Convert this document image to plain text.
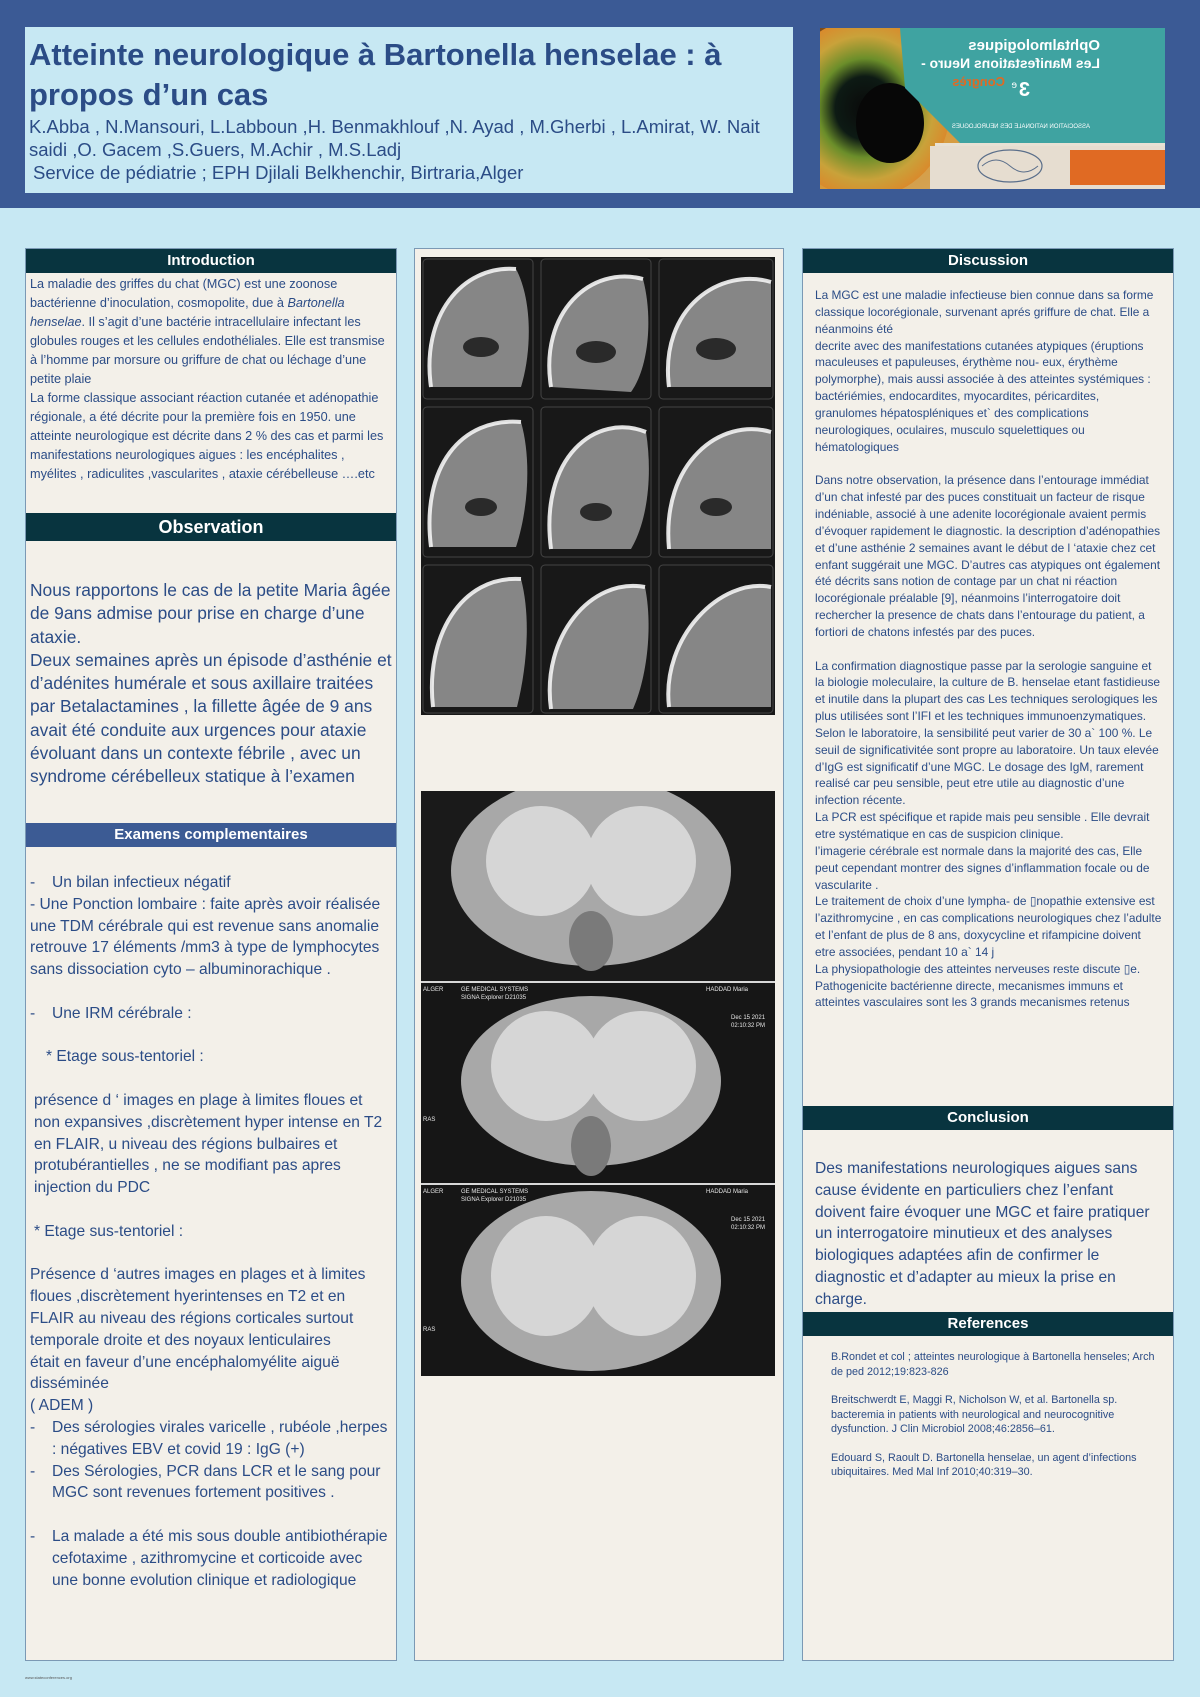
Atteinte neurologique à Bartonella henselae : à propos d’un cas

K.Abba , N.Mansouri, L.Labboun ,H. Benmakhlouf ,N. Ayad , M.Gherbi , L.Amirat, W. Nait saidi ,O. Gacem ,S.Guers, M.Achir , M.S.Ladj

Service de pédiatrie ; EPH Djilali Belkhenchir, Birtraria,Alger

Ophtalmologiques
Les Manifestations Neuro -
3
e
Congrès
ASSOCIATION NATIONALE DES NEUROLOGUES
Introduction

La maladie des griffes du chat (MGC) est une zoonose bactérienne d’inoculation, cosmopolite, due à Bartonella henselae. Il s’agit d’une bactérie intracellulaire infectant les globules rouges et les cellules endothéliales. Elle est transmise à l’homme par morsure ou griffure de chat ou léchage d’une petite plaie

La forme classique associant réaction cutanée et adénopathie régionale, a été décrite pour la première fois en 1950. une atteinte neurologique est décrite dans 2 % des cas et parmi les manifestations neurologiques aigues : les encéphalites , myélites , radiculites ,vascularites , ataxie cérébelleuse ….etc

Observation

Nous rapportons le cas de la petite Maria âgée de 9ans admise pour prise en charge d’une ataxie.

Deux semaines après un épisode d’asthénie et d’adénites humérale et sous axillaire traitées par Betalactamines , la fillette âgée de 9 ans avait été conduite aux urgences pour ataxie évoluant dans un contexte fébrile , avec un syndrome cérébelleux statique à l’examen

Examens complementaires
-	Un bilan infectieux négatif

- Une Ponction lombaire : faite après avoir réalisée une TDM cérébrale qui est revenue sans anomalie retrouve 17 éléments /mm3 à type de lymphocytes sans dissociation cyto – albuminorachique .

-	Une IRM cérébrale :

* Etage sous-tentoriel :

présence d ‘ images en plage à limites floues et non expansives ,discrètement hyper intense en T2 en FLAIR, u niveau des régions bulbaires et protubérantielles , ne se modifiant pas apres injection du PDC

* Etage sus-tentoriel :

Présence d ‘autres images en plages et à limites floues ,discrètement hyerintenses en T2 et en FLAIR au niveau des régions corticales surtout temporale droite et des noyaux lenticulaires

était en faveur d’une encéphalomyélite aiguë disséminée

( ADEM )

-	Des sérologies virales varicelle , rubéole ,herpes : négatives EBV et covid 19 : IgG (+)
-	Des Sérologies, PCR dans LCR et le sang pour MGC sont revenues fortement positives .

-	La malade a été mis sous double antibiothérapie cefotaxime , azithromycine et corticoide avec une bonne evolution clinique et radiologique
GE MEDICAL SYSTEMS
SIGNA Explorer D21035
ALGER	HADDAD Maria
Dec 15 2021
02:10:32 PM
RAS
GE MEDICAL SYSTEMS
SIGNA Explorer D21035
ALGER	HADDAD Maria
Dec 15 2021
02:10:32 PM
RAS
Discussion

La MGC est une maladie infectieuse bien connue dans sa forme classique locorégionale, survenant aprés griffure de chat. Elle a néanmoins été

decrite avec des manifestations cutanées atypiques (éruptions maculeuses et papuleuses, érythème nou- eux, érythème polymorphe), mais aussi associée à des atteintes systémiques : bactériémies, endocardites, myocardites, péricardites, granulomes hépatospléniques et` des complications neurologiques, oculaires, musculo squelettiques ou hématologiques

Dans notre observation, la présence dans l’entourage immédiat d’un chat infesté par des puces constituait un facteur de risque indéniable, associé à une adenite locorégionale avaient permis d’évoquer rapidement le diagnostic. la description d’adénopathies et d’une asthénie 2 semaines avant le début de l ‘ataxie chez cet enfant suggérait une MGC. D’autres cas atypiques ont également été décrits sans notion de contage par un chat ni réaction locorégionale préalable [9], néanmoins l’interrogatoire doit rechercher la presence de chats dans l’entourage du patient, a fortiori de chatons infestés par des puces.

La confirmation diagnostique passe par la serologie sanguine et la biologie moleculaire, la culture de B. henselae etant fastidieuse et inutile dans la plupart des cas Les techniques serologiques les plus utilisées sont l’IFI et les techniques immunoenzymatiques. Selon le laboratoire, la sensibilité peut varier de 30 a` 100 %. Le seuil de significativitée sont propre au laboratoire. Un taux elevée d’IgG est significatif d’une MGC. Le dosage des IgM, rarement realisé car peu sensible, peut etre utile au diagnostic d’une infection récente.

La PCR est spécifique et rapide mais peu sensible . Elle devrait etre systématique en cas de suspicion clinique.

l’imagerie cérébrale est normale dans la majorité des cas, Elle peut cependant montrer des signes d’inflammation focale ou de vascularite .

Le traitement de choix d’une lympha- de ▯nopathie extensive est l’azithromycine , en cas complications neurologiques chez l’adulte et l’enfant de plus de 8 ans, doxycycline et rifampicine doivent etre associées, pendant 10 a` 14 j

La physiopathologie des atteintes nerveuses reste discute ▯e. Pathogenicite bactérienne directe, mecanismes immuns et atteintes vasculaires sont les 3 grands mecanismes retenus

Conclusion
Des manifestations neurologiques aigues sans cause évidente en particuliers chez l’enfant doivent faire évoquer une MGC et faire pratiquer un interrogatoire minutieux et des analyses biologiques adaptées afin de confirmer le diagnostic et d’adapter au mieux la prise en charge.
References

B.Rondet et col ; atteintes neurologique à Bartonella henseles; Arch de ped 2012;19:823-826

Breitschwerdt E, Maggi R, Nicholson W, et al. Bartonella sp. bacteremia in patients with neurological and neurocognitive dysfunction. J Clin Microbiol 2008;46:2856–61.

Edouard S, Raoult D. Bartonella henselae, un agent d’infections ubiquitaires. Med Mal Inf 2010;40:319–30.

www.stateconferences.org
